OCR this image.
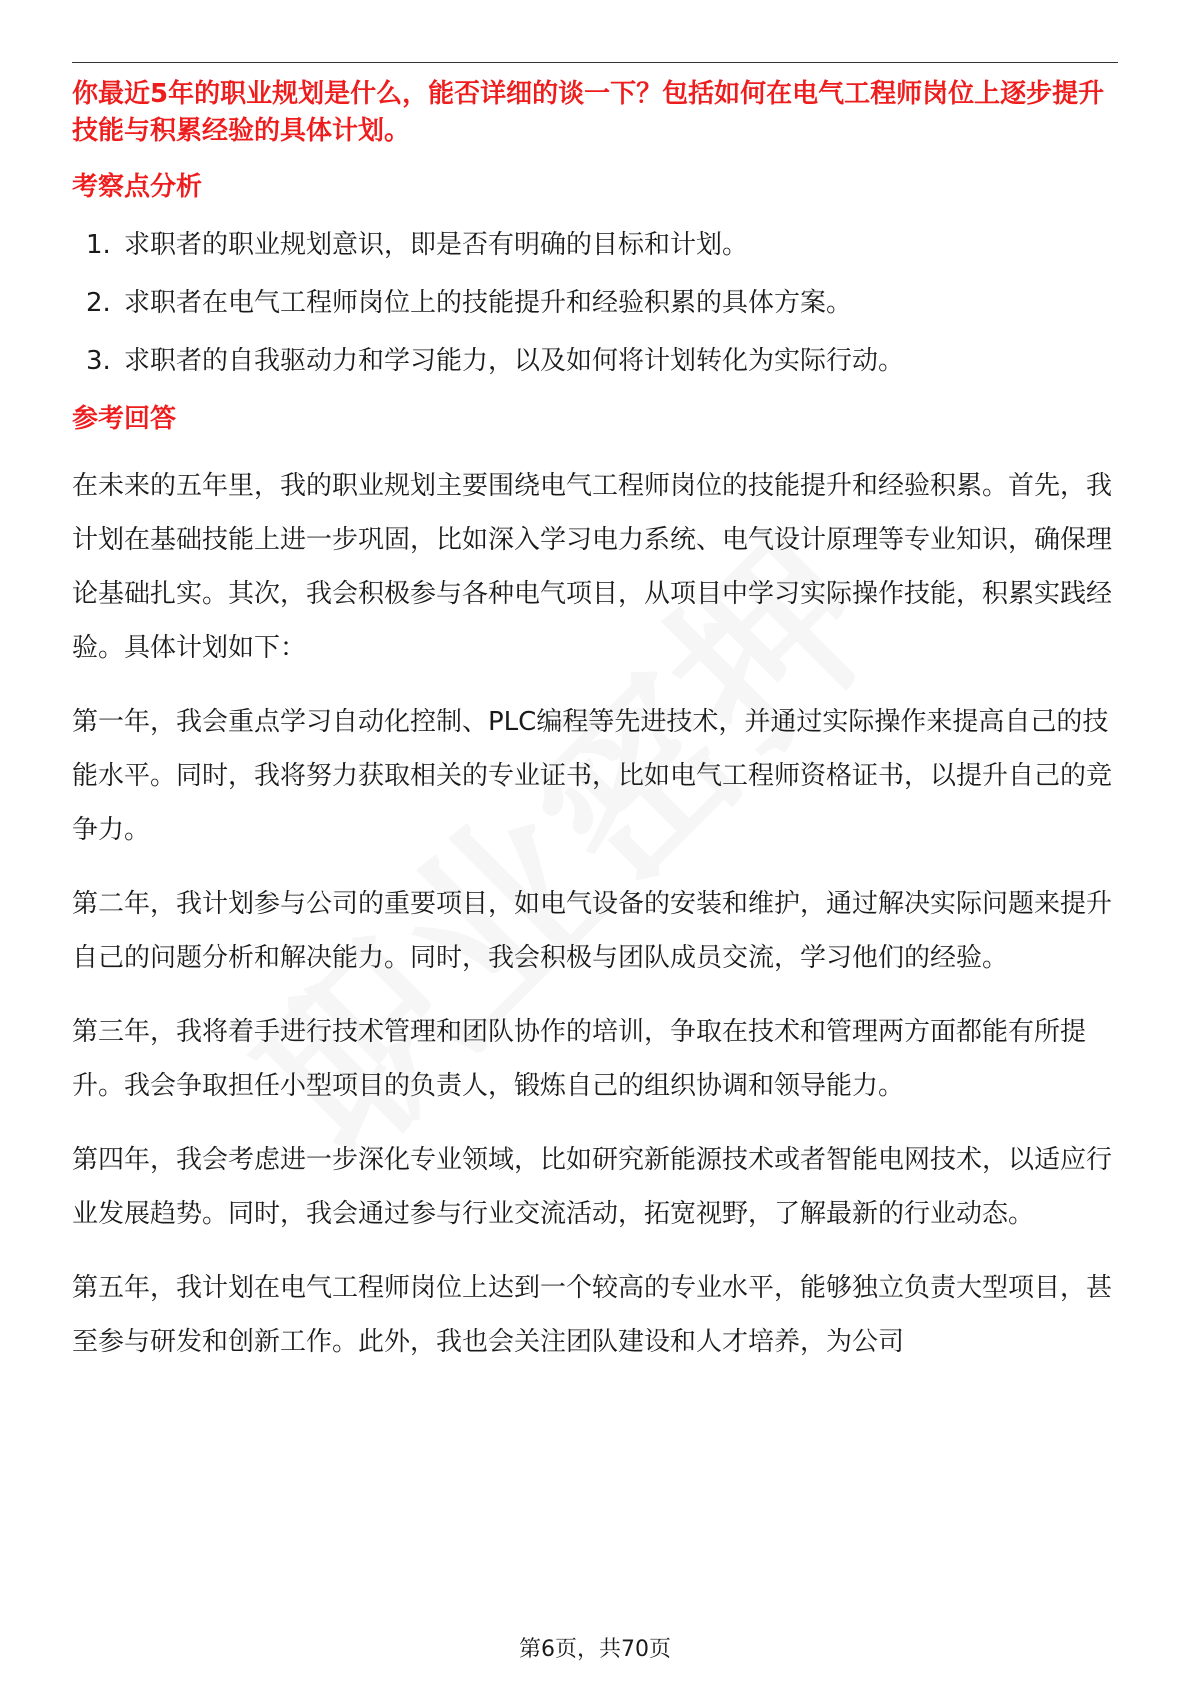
你最近5年的职业规划是什么，能否详细的谈一下？包括如何在电气工程师岗位上逐步提升技能与积累经验的具体计划。

考察点分析
1. 求职者的职业规划意识，即是否有明确的目标和计划。
2. 求职者在电气工程师岗位上的技能提升和经验积累的具体方案。
3. 求职者的自我驱动力和学习能力，以及如何将计划转化为实际行动。
参考回答

在未来的五年里，我的职业规划主要围绕电气工程师岗位的技能提升和经验积累。首先，我计划在基础技能上进一步巩固，比如深入学习电力系统、电气设计原理等专业知识，确保理论基础扎实。其次，我会积极参与各种电气项目，从项目中学习实际操作技能，积累实践经验。具体计划如下：

第一年，我会重点学习自动化控制、PLC编程等先进技术，并通过实际操作来提高自己的技能水平。同时，我将努力获取相关的专业证书，比如电气工程师资格证书，以提升自己的竞争力。

第二年，我计划参与公司的重要项目，如电气设备的安装和维护，通过解决实际问题来提升自己的问题分析和解决能力。同时，我会积极与团队成员交流，学习他们的经验。

第三年，我将着手进行技术管理和团队协作的培训，争取在技术和管理两方面都能有所提升。我会争取担任小型项目的负责人，锻炼自己的组织协调和领导能力。

第四年，我会考虑进一步深化专业领域，比如研究新能源技术或者智能电网技术，以适应行业发展趋势。同时，我会通过参与行业交流活动，拓宽视野，了解最新的行业动态。

第五年，我计划在电气工程师岗位上达到一个较高的专业水平，能够独立负责大型项目，甚至参与研发和创新工作。此外，我也会关注团队建设和人才培养，为公司

第6页，共70页
